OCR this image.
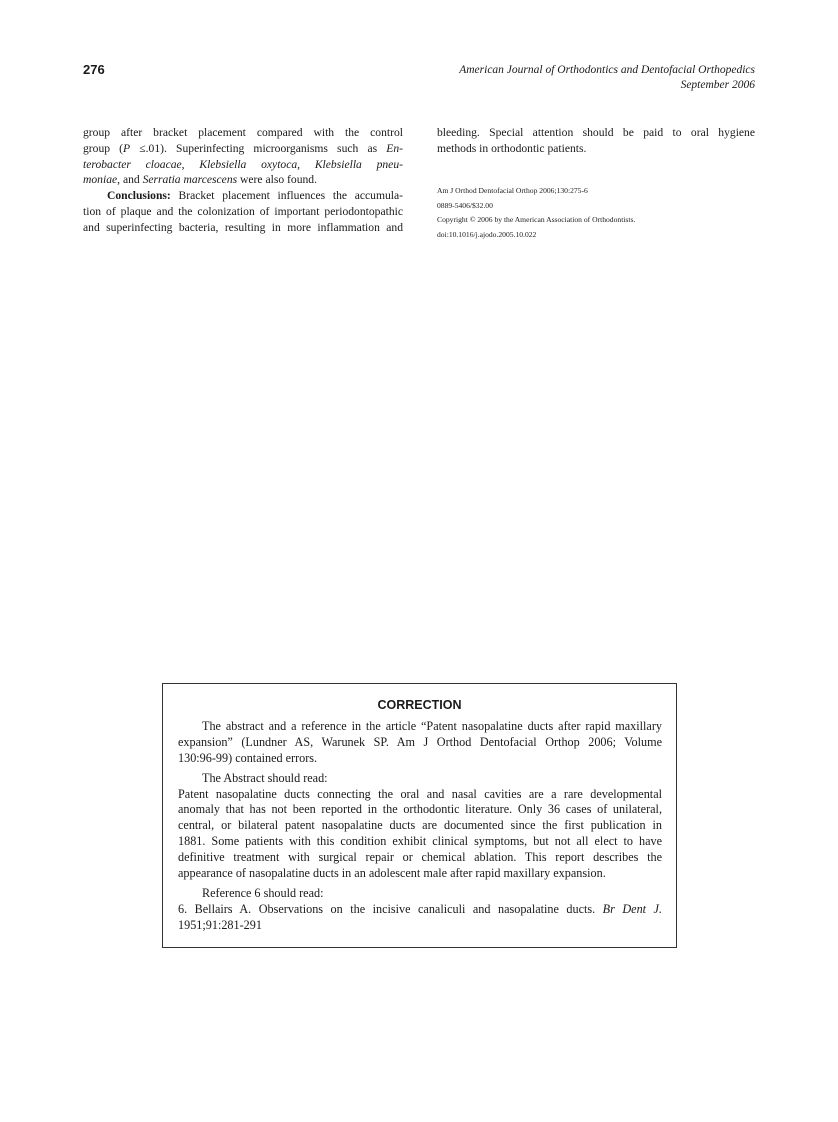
276	American Journal of Orthodontics and Dentofacial Orthopedics
September 2006
group after bracket placement compared with the control
group (P ≤.01). Superinfecting microorganisms such as En-
terobacter cloacae, Klebsiella oxytoca, Klebsiella pneu-
moniae, and Serratia marcescens were also found.
Conclusions: Bracket placement influences the accumula-
tion of plaque and the colonization of important periodontopathic
and superinfecting bacteria, resulting in more inflammation and
bleeding. Special attention should be paid to oral hygiene
methods in orthodontic patients.
Am J Orthod Dentofacial Orthop 2006;130:275-6
0889-5406/$32.00
Copyright © 2006 by the American Association of Orthodontists.
doi:10.1016/j.ajodo.2005.10.022
CORRECTION
The abstract and a reference in the article “Patent nasopalatine ducts after rapid maxillary
expansion” (Lundner AS, Warunek SP. Am J Orthod Dentofacial Orthop 2006; Volume
130:96-99) contained errors.
The Abstract should read:
Patent nasopalatine ducts connecting the oral and nasal cavities are a rare developmental
anomaly that has not been reported in the orthodontic literature. Only 36 cases of unilateral,
central, or bilateral patent nasopalatine ducts are documented since the first publication in
1881. Some patients with this condition exhibit clinical symptoms, but not all elect to have
definitive treatment with surgical repair or chemical ablation. This report describes the
appearance of nasopalatine ducts in an adolescent male after rapid maxillary expansion.
Reference 6 should read:
6. Bellairs A. Observations on the incisive canaliculi and nasopalatine ducts. Br Dent J.
1951;91:281-291
